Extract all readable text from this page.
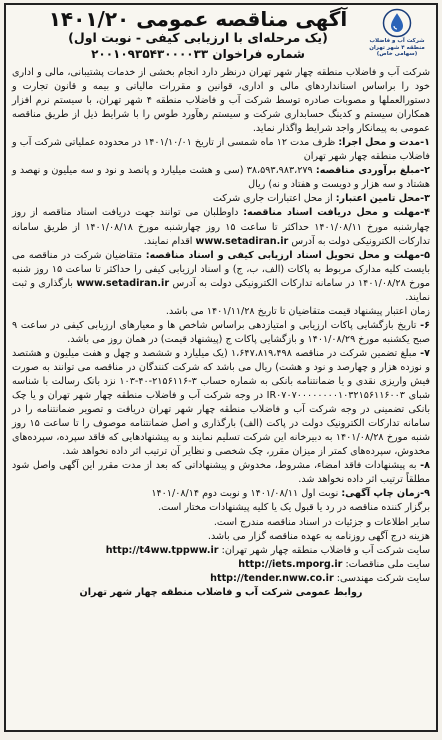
شرکت آب و فاضلاب
منطقه ۴ شهر تهران
(سهامی خاص)
آگهی مناقصه عمومی ۱۴۰۱/۲۰
(یک مرحله‌ای با ارزیابی کیفی - نوبت اول)
شماره فراخوان ۲۰۰۱۰۹۳۵۴۳۰۰۰۰۳۳

شرکت آب و فاضلاب منطقه چهار شهر تهران درنظر دارد انجام بخشی از خدمات پشتیبانی، مالی و اداری خود را براساس استانداردهای مالی و اداری، قوانین و مقررات مالیاتی و بیمه و قانون تجارت و دستورالعملها و مصوبات صادره توسط شرکت آب و فاضلاب منطقه ۴ شهر تهران، با سیستم نرم افزار همکاران سیستم و کدینگ حسابداری شرکت و سیستم رهآورد طوس را با شرایط ذیل از طریق مناقصه عمومی به پیمانکار واجد شرایط واگذار نماید.

۱-مدت و محل اجرا: ظرف مدت ۱۲ ماه شمسی از تاریخ ۱۴۰۱/۱۰/۰۱ در محدوده عملیاتی شرکت آب و فاضلاب منطقه چهار شهر تهران

۲-مبلغ برآوردی مناقصه: ۳۸،۵۹۳،۹۸۳،۲۷۹ (سی و هشت میلیارد و پانصد و نود و سه میلیون و نهصد و هشتاد و سه هزار و دویست و هفتاد و نه) ریال

۳-محل تامین اعتبار: از محل اعتبارات جاری شرکت

۴-مهلت و محل دریافت اسناد مناقصه: داوطلبان می توانند جهت دریافت اسناد مناقصه از روز چهارشنبه مورخ ۱۴۰۱/۰۸/۱۱ حداکثر تا ساعت ۱۵ روز چهارشنبه مورخ ۱۴۰۱/۰۸/۱۸ از طریق سامانه تدارکات الکترونیکی دولت به آدرس www.setadiran.ir اقدام نمایند.

۵-مهلت و محل تحویل اسناد ارزیابی کیفی و اسناد مناقصه: متقاضیان شرکت در مناقصه می بایست کلیه مدارک مربوط به پاکات (الف، ب، ج) و اسناد ارزیابی کیفی را حداکثر تا ساعت ۱۵ روز شنبه مورخ ۱۴۰۱/۰۸/۲۸ در سامانه تدارکات الکترونیکی دولت به آدرس www.setadiran.ir بارگذاری و ثبت نمایند.

زمان اعتبار پیشنهاد قیمت متقاضیان تا تاریخ ۱۴۰۱/۱۱/۲۸ می باشد.

۶- تاریخ بازگشایی پاکات ارزیابی و امتیازدهی براساس شاخص ها و معیارهای ارزیابی کیفی در ساعت ۹ صبح یکشنبه مورخ ۱۴۰۱/۰۸/۲۹ و بازگشایی پاکات ج (پیشنهاد قیمت) در همان روز می باشد.

۷- مبلغ تضمین شرکت در مناقصه ۱،۶۴۷،۸۱۹،۴۹۸ (یک میلیارد و ششصد و چهل و هفت میلیون و هشتصد و نوزده هزار و چهارصد و نود و هشت) ریال می باشد که شرکت کنندگان در مناقصه می توانند به صورت فیش واریزی نقدی و یا ضمانتنامه بانکی به شماره حساب ۳-۲۱۵۶۱۱۶-۴۰-۱۰۳ نزد بانک رسالت با شناسه شبای IR۰۷۰۷۰۰۰۰۰۰۰۰۱۰۳۲۱۵۶۱۱۶۰۰۳ در وجه شرکت آب و فاضلاب منطقه چهار شهر تهران و یا چک بانکی تضمینی در وجه شرکت آب و فاضلاب منطقه چهار شهر تهران دریافت و تصویر ضمانتنامه را در سامانه تدارکات الکترونیک دولت در پاکت (الف) بارگذاری و اصل ضمانتنامه موصوف را تا ساعت ۱۵ روز شنبه مورخ ۱۴۰۱/۰۸/۲۸ به دبیرخانه این شرکت تسلیم نمایند و به پیشنهادهایی که فاقد سپرده، سپرده‌های مخدوش، سپرده‌های کمتر از میزان مقرر، چک شخصی و نظایر آن ترتیب اثر داده نخواهد شد.

۸- به پیشنهادات فاقد امضاء، مشروط، مخدوش و پیشنهاداتی که بعد از مدت مقرر این آگهی واصل شود مطلقاً ترتیب اثر داده نخواهد شد.

۹-زمان چاپ آگهی: نوبت اول ۱۴۰۱/۰۸/۱۱ و نوبت دوم ۱۴۰۱/۰۸/۱۴

برگزار کننده مناقصه در رد یا قبول یک یا کلیه پیشنهادات مختار است.

سایر اطلاعات و جزئیات در اسناد مناقصه مندرج است.

هزینه درج آگهی روزنامه به عهده مناقصه گزار می باشد.

سایت شرکت آب و فاضلاب منطقه چهار شهر تهران: http://t4ww.tppww.ir

سایت ملی مناقصات: http://iets.mporg.ir

سایت شرکت مهندسی: http://tender.nww.co.ir

روابط عمومی شرکت آب و فاضلاب منطقه چهار شهر تهران
